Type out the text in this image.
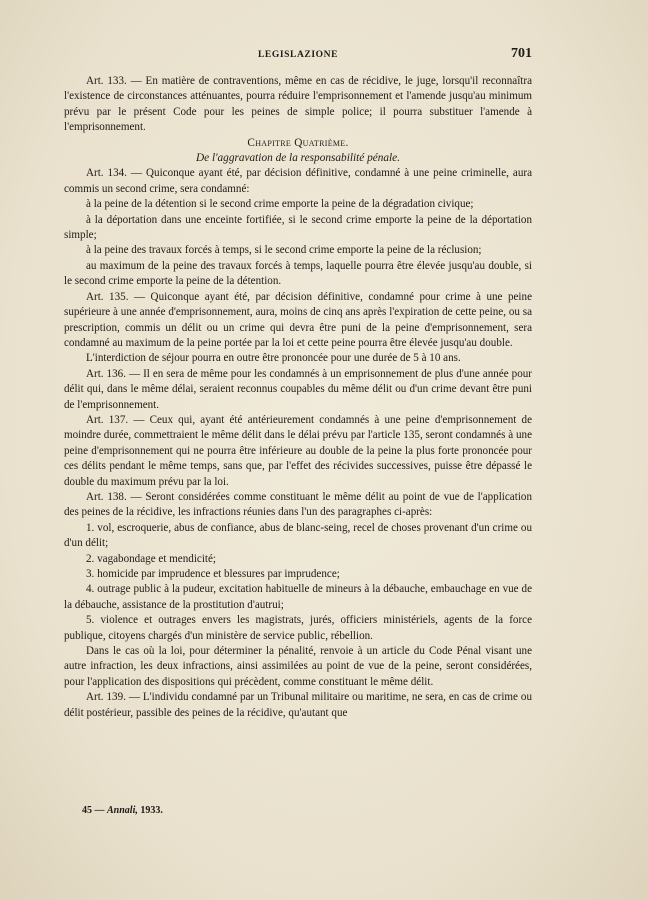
LEGISLAZIONE	701

Art. 133. — En matière de contraventions, même en cas de récidive, le juge, lorsqu'il reconnaîtra l'existence de circonstances atténuantes, pourra réduire l'emprisonnement et l'amende jusqu'au minimum prévu par le présent Code pour les peines de simple police; il pourra substituer l'amende à l'emprisonnement.

Chapitre Quatrième.

De l'aggravation de la responsabilité pénale.

Art. 134. — Quiconque ayant été, par décision définitive, condamné à une peine criminelle, aura commis un second crime, sera condamné:

à la peine de la détention si le second crime emporte la peine de la dégradation civique;

à la déportation dans une enceinte fortifiée, si le second crime emporte la peine de la déportation simple;

à la peine des travaux forcés à temps, si le second crime emporte la peine de la réclusion;

au maximum de la peine des travaux forcés à temps, laquelle pourra être élevée jusqu'au double, si le second crime emporte la peine de la détention.

Art. 135. — Quiconque ayant été, par décision définitive, condamné pour crime à une peine supérieure à une année d'emprisonnement, aura, moins de cinq ans après l'expiration de cette peine, ou sa prescription, commis un délit ou un crime qui devra être puni de la peine d'emprisonnement, sera condamné au maximum de la peine portée par la loi et cette peine pourra être élevée jusqu'au double.

L'interdiction de séjour pourra en outre être prononcée pour une durée de 5 à 10 ans.

Art. 136. — Il en sera de même pour les condamnés à un emprisonnement de plus d'une année pour délit qui, dans le même délai, seraient reconnus coupables du même délit ou d'un crime devant être puni de l'emprisonnement.

Art. 137. — Ceux qui, ayant été antérieurement condamnés à une peine d'emprisonnement de moindre durée, commettraient le même délit dans le délai prévu par l'article 135, seront condamnés à une peine d'emprisonnement qui ne pourra être inférieure au double de la peine la plus forte prononcée pour ces délits pendant le même temps, sans que, par l'effet des récivides successives, puisse être dépassé le double du maximum prévu par la loi.

Art. 138. — Seront considérées comme constituant le même délit au point de vue de l'application des peines de la récidive, les infractions réunies dans l'un des paragraphes ci-après:

1. vol, escroquerie, abus de confiance, abus de blanc-seing, recel de choses provenant d'un crime ou d'un délit;

2. vagabondage et mendicité;

3. homicide par imprudence et blessures par imprudence;

4. outrage public à la pudeur, excitation habituelle de mineurs à la débauche, embauchage en vue de la débauche, assistance de la prostitution d'autrui;

5. violence et outrages envers les magistrats, jurés, officiers ministériels, agents de la force publique, citoyens chargés d'un ministère de service public, rébellion.

Dans le cas où la loi, pour déterminer la pénalité, renvoie à un article du Code Pénal visant une autre infraction, les deux infractions, ainsi assimilées au point de vue de la peine, seront considérées, pour l'application des dispositions qui précèdent, comme constituant le même délit.

Art. 139. — L'individu condamné par un Tribunal militaire ou maritime, ne sera, en cas de crime ou délit postérieur, passible des peines de la récidive, qu'autant que

45 — Annali, 1933.
